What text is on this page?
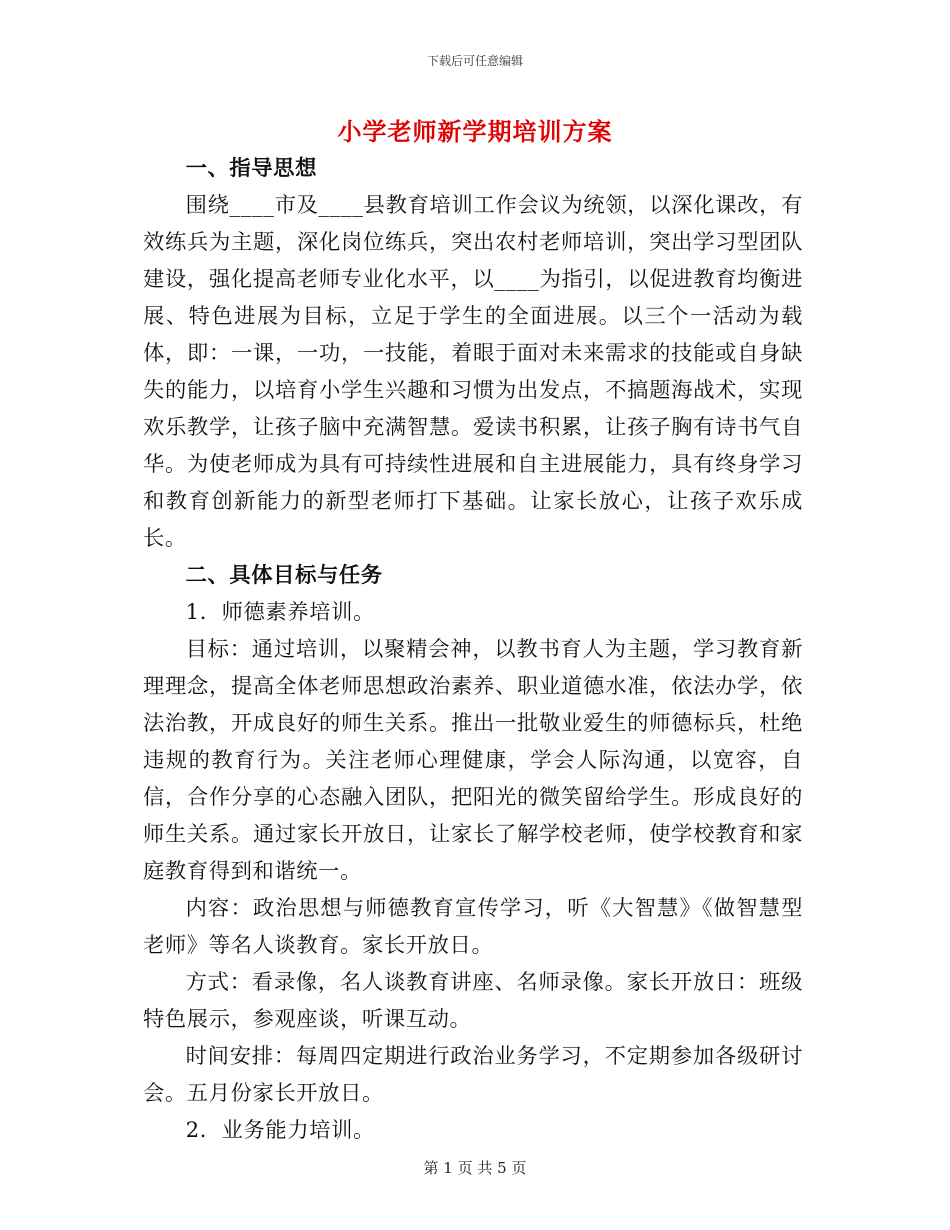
下载后可任意编辑
小学老师新学期培训方案

一、指导思想

围绕____市及____县教育培训工作会议为统领，以深化课改，有效练兵为主题，深化岗位练兵，突出农村老师培训，突出学习型团队建设，强化提高老师专业化水平，以____为指引，以促进教育均衡进展、特色进展为目标，立足于学生的全面进展。以三个一活动为载体，即：一课，一功，一技能，着眼于面对未来需求的技能或自身缺失的能力，以培育小学生兴趣和习惯为出发点，不搞题海战术，实现欢乐教学，让孩子脑中充满智慧。爱读书积累，让孩子胸有诗书气自华。为使老师成为具有可持续性进展和自主进展能力，具有终身学习和教育创新能力的新型老师打下基础。让家长放心，让孩子欢乐成长。

二、具体目标与任务

1．师德素养培训。

目标：通过培训，以聚精会神，以教书育人为主题，学习教育新理理念，提高全体老师思想政治素养、职业道德水准，依法办学，依法治教，开成良好的师生关系。推出一批敬业爱生的师德标兵，杜绝违规的教育行为。关注老师心理健康，学会人际沟通，以宽容，自信，合作分享的心态融入团队，把阳光的微笑留给学生。形成良好的师生关系。通过家长开放日，让家长了解学校老师，使学校教育和家庭教育得到和谐统一。

内容：政治思想与师德教育宣传学习，听《大智慧》《做智慧型老师》等名人谈教育。家长开放日。

方式：看录像，名人谈教育讲座、名师录像。家长开放日：班级特色展示，参观座谈，听课互动。

时间安排：每周四定期进行政治业务学习，不定期参加各级研讨会。五月份家长开放日。

2．业务能力培训。

第 1 页 共 5 页
